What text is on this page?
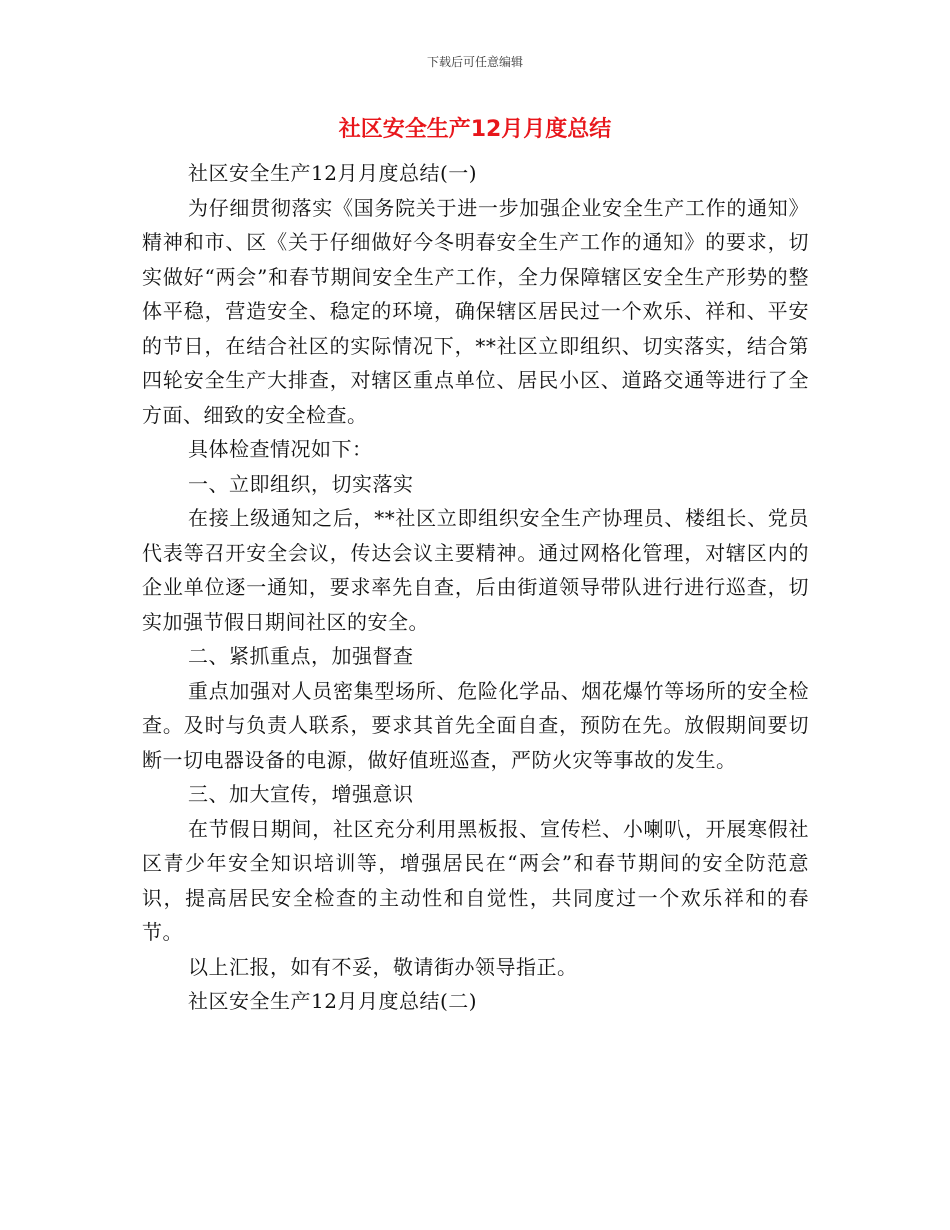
下载后可任意编辑
社区安全生产12月月度总结

社区安全生产12月月度总结(一)

为仔细贯彻落实《国务院关于进一步加强企业安全生产工作的通知》精神和市、区《关于仔细做好今冬明春安全生产工作的通知》的要求，切实做好“两会”和春节期间安全生产工作，全力保障辖区安全生产形势的整体平稳，营造安全、稳定的环境，确保辖区居民过一个欢乐、祥和、平安的节日，在结合社区的实际情况下，**社区立即组织、切实落实，结合第四轮安全生产大排查，对辖区重点单位、居民小区、道路交通等进行了全方面、细致的安全检查。

具体检查情况如下：

一、立即组织，切实落实

在接上级通知之后，**社区立即组织安全生产协理员、楼组长、党员代表等召开安全会议，传达会议主要精神。通过网格化管理，对辖区内的企业单位逐一通知，要求率先自查，后由街道领导带队进行进行巡查，切实加强节假日期间社区的安全。

二、紧抓重点，加强督查

重点加强对人员密集型场所、危险化学品、烟花爆竹等场所的安全检查。及时与负责人联系，要求其首先全面自查，预防在先。放假期间要切断一切电器设备的电源，做好值班巡查，严防火灾等事故的发生。

三、加大宣传，增强意识

在节假日期间，社区充分利用黑板报、宣传栏、小喇叭，开展寒假社区青少年安全知识培训等，增强居民在“两会”和春节期间的安全防范意识，提高居民安全检查的主动性和自觉性，共同度过一个欢乐祥和的春节。

以上汇报，如有不妥，敬请街办领导指正。

社区安全生产12月月度总结(二)
